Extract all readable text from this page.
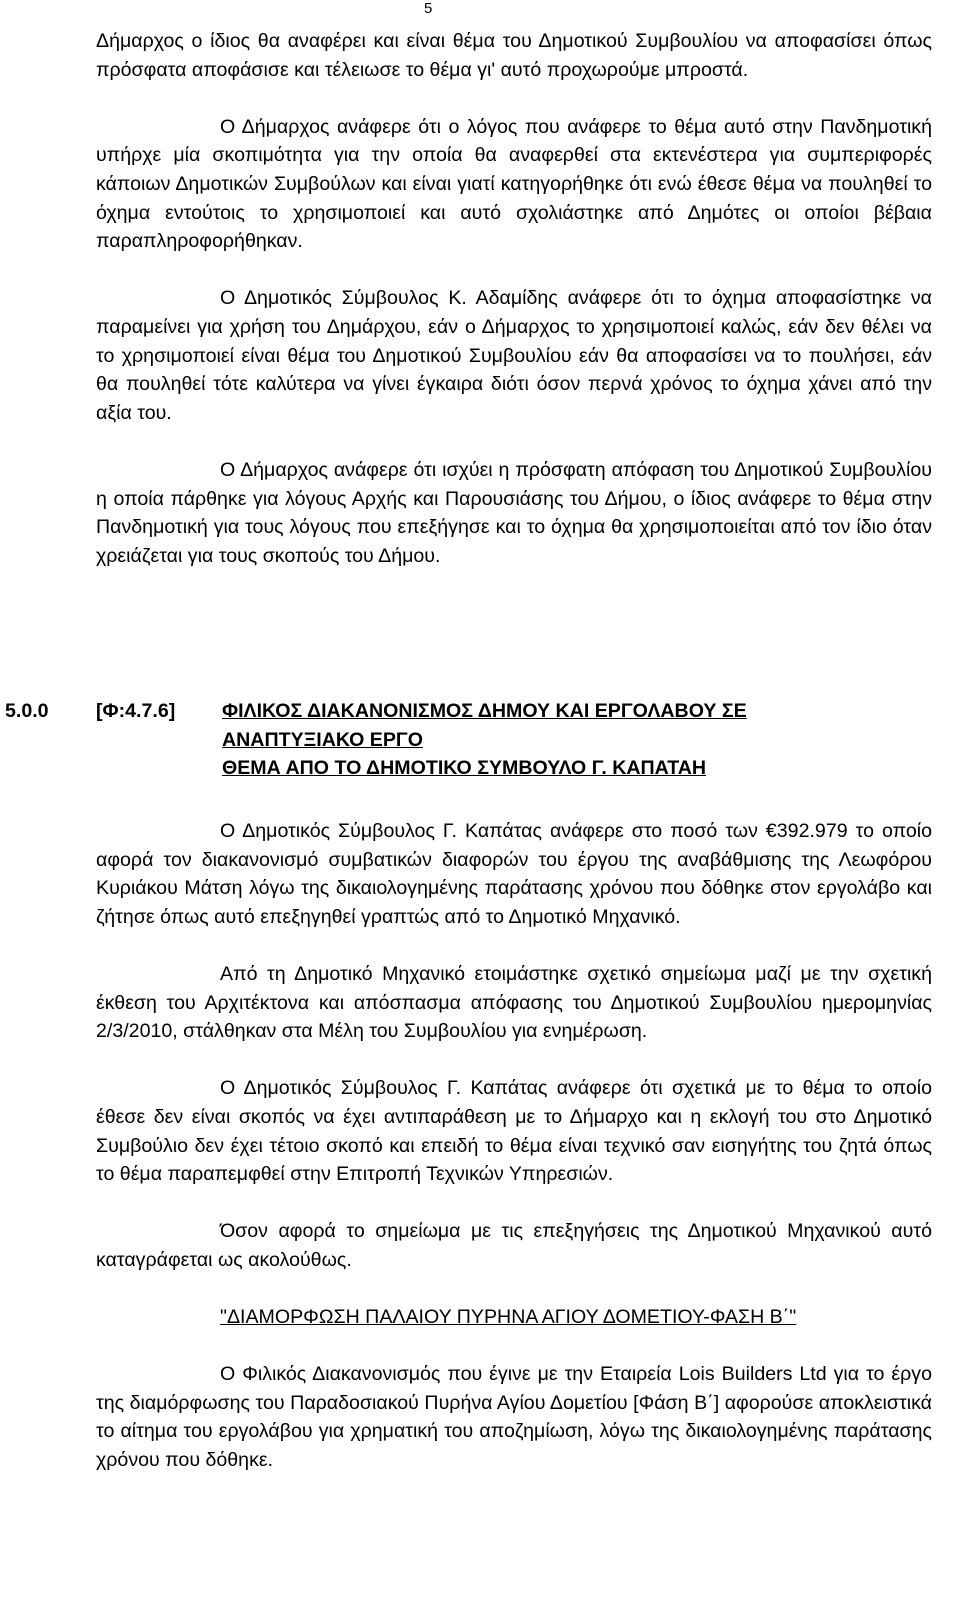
5

Δήμαρχος ο ίδιος θα αναφέρει και είναι θέμα του Δημοτικού Συμβουλίου να αποφασίσει όπως πρόσφατα αποφάσισε και τέλειωσε το θέμα γι' αυτό προχωρούμε μπροστά.

Ο Δήμαρχος ανάφερε ότι ο λόγος που ανάφερε το θέμα αυτό στην Πανδημοτική υπήρχε μία σκοπιμότητα για την οποία θα αναφερθεί στα εκτενέστερα για συμπεριφορές κάποιων Δημοτικών Συμβούλων και είναι γιατί κατηγορήθηκε ότι ενώ έθεσε θέμα να πουληθεί το όχημα εντούτοις το χρησιμοποιεί και αυτό σχολιάστηκε από Δημότες οι οποίοι βέβαια παραπληροφορήθηκαν.

Ο Δημοτικός Σύμβουλος Κ. Αδαμίδης ανάφερε ότι το όχημα αποφασίστηκε να παραμείνει για χρήση του Δημάρχου, εάν ο Δήμαρχος το χρησιμοποιεί καλώς, εάν δεν θέλει να το χρησιμοποιεί είναι θέμα του Δημοτικού Συμβουλίου εάν θα αποφασίσει να το πουλήσει, εάν θα πουληθεί τότε καλύτερα να γίνει έγκαιρα διότι όσον περνά χρόνος το όχημα χάνει από την αξία του.

Ο Δήμαρχος ανάφερε ότι ισχύει η πρόσφατη απόφαση του Δημοτικού Συμβουλίου η οποία πάρθηκε για λόγους Αρχής και Παρουσιάσης του Δήμου, ο ίδιος ανάφερε το θέμα στην Πανδημοτική για τους λόγους που επεξήγησε και το όχημα θα χρησιμοποιείται από τον ίδιο όταν χρειάζεται για τους σκοπούς του Δήμου.

5.0.0 [Φ:4.7.6] ΦΙΛΙΚΟΣ ΔΙΑΚΑΝΟΝΙΣΜΟΣ ΔΗΜΟΥ ΚΑΙ ΕΡΓΟΛΑΒΟΥ ΣΕ
ΑΝΑΠΤΥΞΙΑΚΟ ΕΡΓΟ
ΘΕΜΑ ΑΠΟ ΤΟ ΔΗΜΟΤΙΚΟ ΣΥΜΒΟΥΛΟ Γ. ΚΑΠΑΤΑΗ

Ο Δημοτικός Σύμβουλος Γ. Καπάτας ανάφερε στο ποσό των €392.979 το οποίο αφορά τον διακανονισμό συμβατικών διαφορών του έργου της αναβάθμισης της Λεωφόρου Κυριάκου Μάτση λόγω της δικαιολογημένης παράτασης χρόνου που δόθηκε στον εργολάβο και ζήτησε όπως αυτό επεξηγηθεί γραπτώς από το Δημοτικό Μηχανικό.

Από τη Δημοτικό Μηχανικό ετοιμάστηκε σχετικό σημείωμα μαζί με την σχετική έκθεση του Αρχιτέκτονα και απόσπασμα απόφασης του Δημοτικού Συμβουλίου ημερομηνίας 2/3/2010, στάλθηκαν στα Μέλη του Συμβουλίου για ενημέρωση.

Ο Δημοτικός Σύμβουλος Γ. Καπάτας ανάφερε ότι σχετικά με το θέμα το οποίο έθεσε δεν είναι σκοπός να έχει αντιπαράθεση με το Δήμαρχο και η εκλογή του στο Δημοτικό Συμβούλιο δεν έχει τέτοιο σκοπό και επειδή το θέμα είναι τεχνικό σαν εισηγήτης του ζητά όπως το θέμα παραπεμφθεί στην Επιτροπή Τεχνικών Υπηρεσιών.

Όσον αφορά το σημείωμα με τις επεξηγήσεις της Δημοτικού Μηχανικού αυτό καταγράφεται ως ακολούθως.

"ΔΙΑΜΟΡΦΩΣΗ ΠΑΛΑΙΟΥ ΠΥΡΗΝΑ ΑΓΙΟΥ ΔΟΜΕΤΙΟΥ-ΦΑΣΗ Β΄"

Ο Φιλικός Διακανονισμός που έγινε με την Εταιρεία Lois Builders Ltd για το έργο της διαμόρφωσης του Παραδοσιακού Πυρήνα Αγίου Δομετίου [Φάση Β΄] αφορούσε αποκλειστικά το αίτημα του εργολάβου για χρηματική του αποζημίωση, λόγω της δικαιολογημένης παράτασης χρόνου που δόθηκε.
